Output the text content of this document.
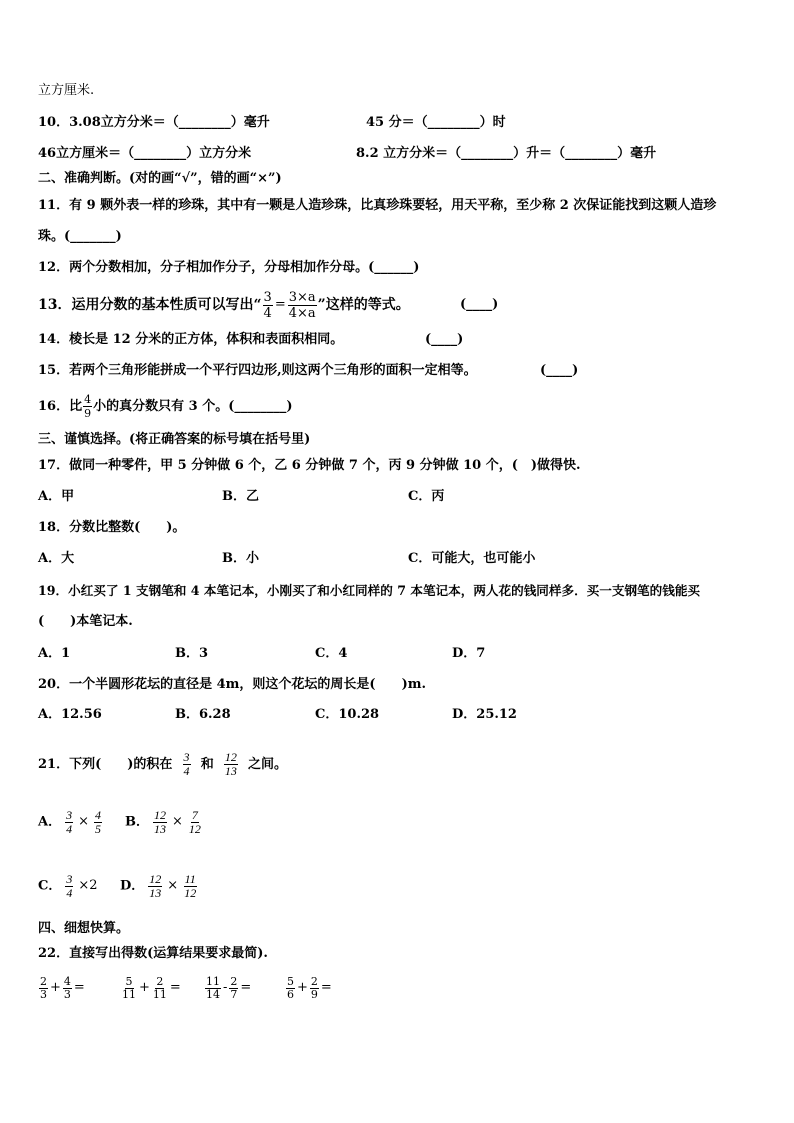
立方厘米.
10．3.08立方分米＝（________）毫升	45 分＝（________）时
46立方厘米＝（________）立方分米	8.2 立方分米＝（________）升＝（________）毫升
二、准确判断。(对的画“√”，错的画“×”)
11．有 9 颗外表一样的珍珠，其中有一颗是人造珍珠，比真珍珠要轻，用天平称，至少称 2 次保证能找到这颗人造珍
珠。(_______)
12．两个分数相加，分子相加作分子，分母相加作分母。(______)
13．运用分数的基本性质可以写出“ $\frac{3}{4} = \frac{3\times a}{4\times a}$ ”这样的等式。	(____)
14．棱长是 12 分米的正方体，体积和表面积相同。	(____)
15．若两个三角形能拼成一个平行四边形,则这两个三角形的面积一定相等。	(____)
16．比 $\frac{4}{9}$ 小的真分数只有 3 个。(________)
三、谨慎选择。(将正确答案的标号填在括号里)
17．做同一种零件，甲 5 分钟做 6 个，乙 6 分钟做 7 个，丙 9 分钟做 10 个，(　)做得快.
A．甲	B．乙	C．丙
18．分数比整数(　　)。
A．大	B．小	C．可能大，也可能小
19．小红买了 1 支钢笔和 4 本笔记本，小刚买了和小红同样的 7 本笔记本，两人花的钱同样多．买一支钢笔的钱能买
(　　)本笔记本.
A．1	B．3	C．4	D．7
20．一个半圆形花坛的直径是 4m，则这个花坛的周长是(　　)m.
A．12.56	B．6.28	C．10.28	D．25.12
21．下列(　　)的积在 $\frac{3}{4}$ 和 $\frac{12}{13}$ 之间。
A． $\frac{3}{4} \times \frac{4}{5}$ B． $\frac{12}{13} \times \frac{7}{12}$
C． $\frac{3}{4} \times 2$ D． $\frac{12}{13} \times \frac{11}{12}$
四、细想快算。
22．直接写出得数(运算结果要求最简).
$\frac{2}{3} + \frac{4}{3}$ =	$\frac{5}{11} + \frac{2}{11} = \frac{11}{14} - \frac{2}{7}$ =	$\frac{5}{6} + \frac{2}{9}$ =
